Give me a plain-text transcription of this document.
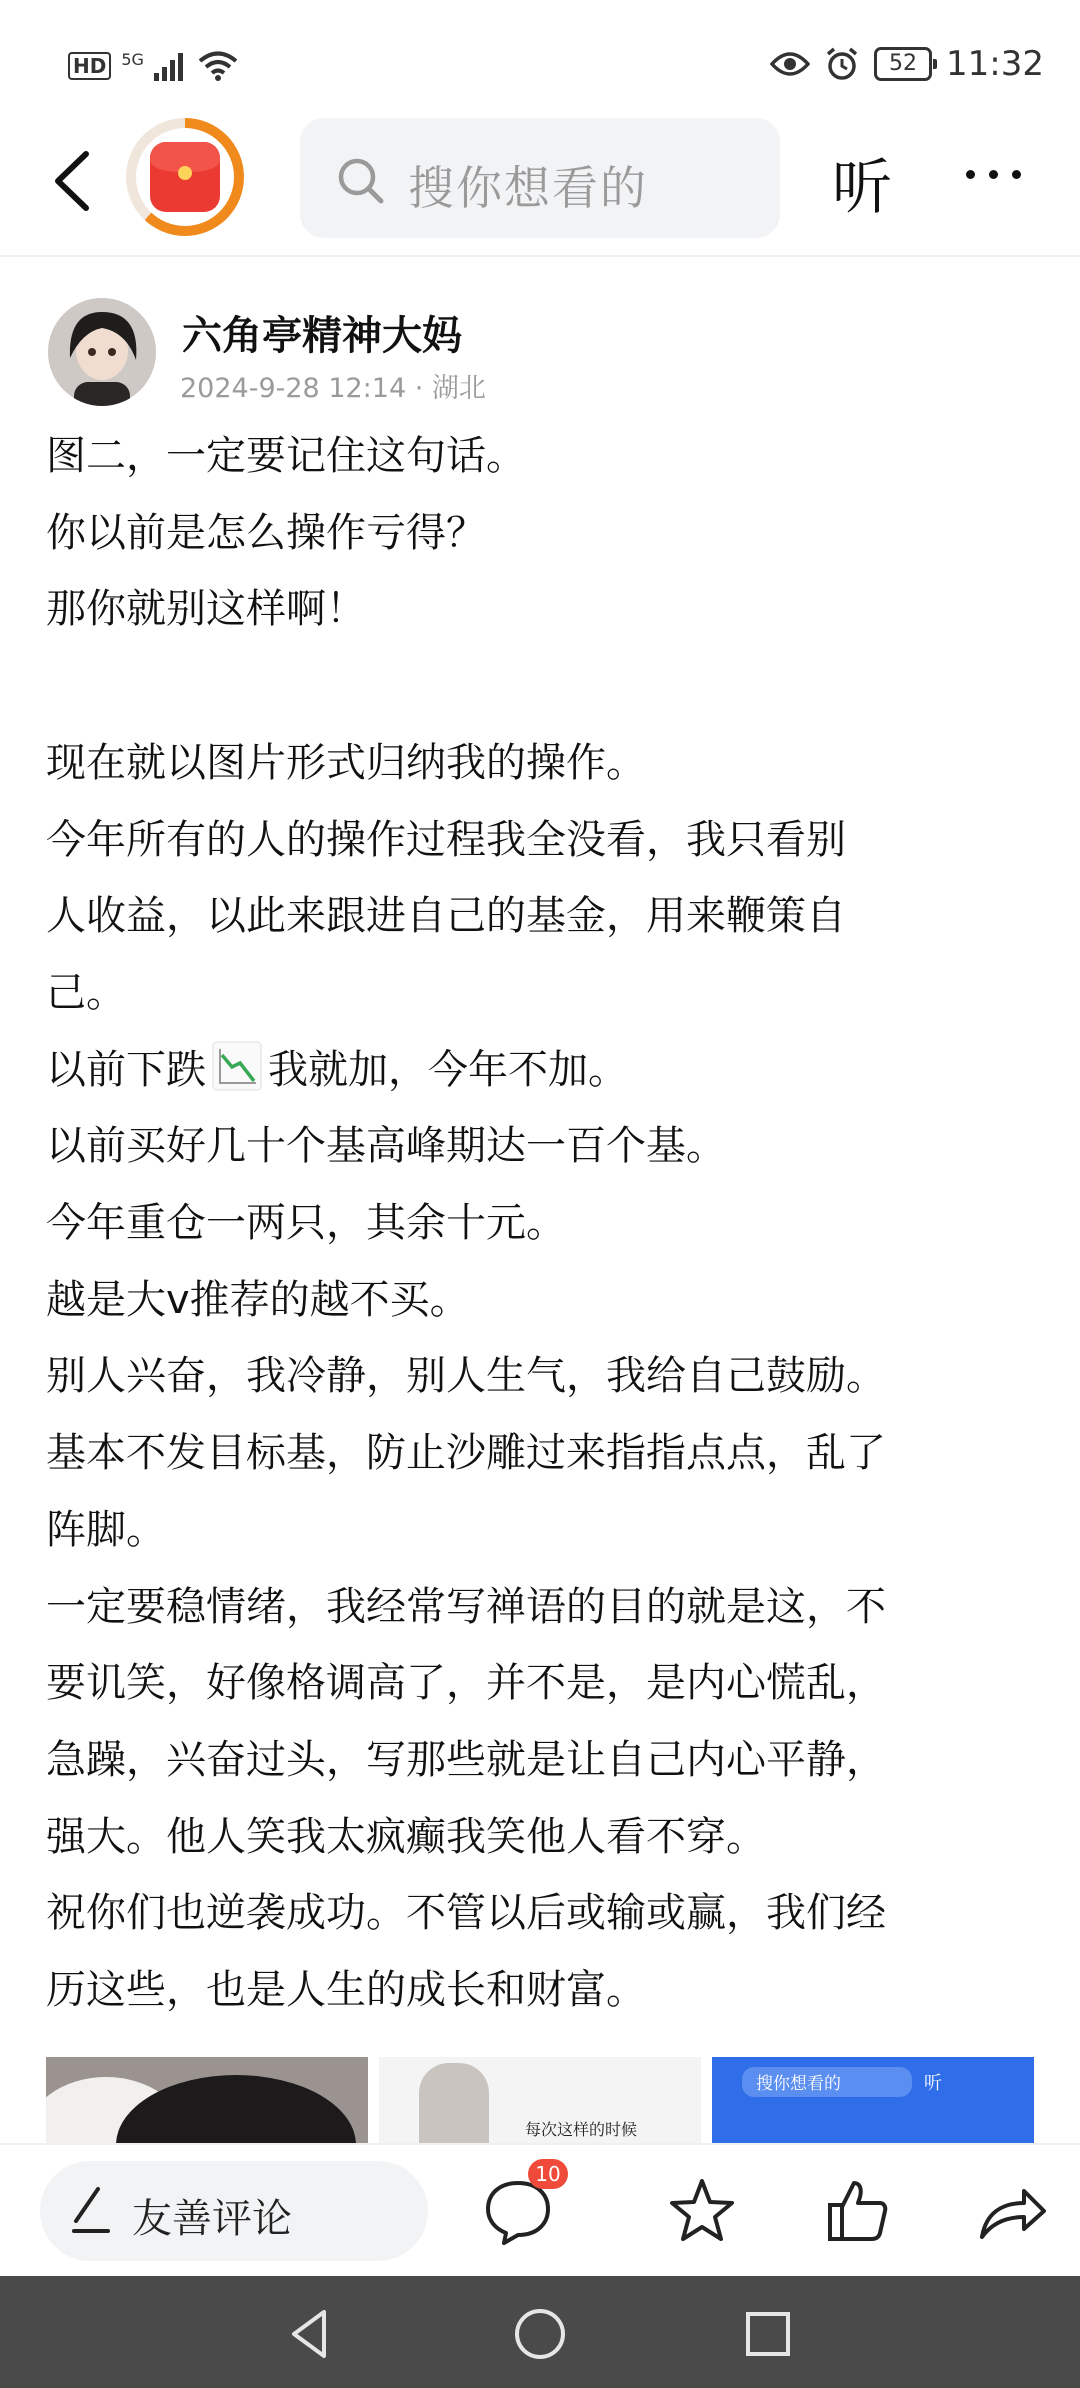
HD 5G	52 11:32
搜你想看的	听
六角亭精神大妈
2024-9-28 12:14 · 湖北
图二，一定要记住这句话。
你以前是怎么操作亏得？
那你就别这样啊！
现在就以图片形式归纳我的操作。
今年所有的人的操作过程我全没看，我只看别
人收益，以此来跟进自己的基金，用来鞭策自
己。
以前下跌 我就加，今年不加。
以前买好几十个基高峰期达一百个基。
今年重仓一两只，其余十元。
越是大v推荐的越不买。
别人兴奋，我冷静，别人生气，我给自己鼓励。
基本不发目标基，防止沙雕过来指指点点，乱了
阵脚。
一定要稳情绪，我经常写禅语的目的就是这，不
要讥笑，好像格调高了，并不是，是内心慌乱，
急躁，兴奋过头，写那些就是让自己内心平静，
强大。他人笑我太疯癫我笑他人看不穿。
祝你们也逆袭成功。不管以后或输或赢，我们经
历这些，也是人生的成长和财富。
每次这样的时候
搜你想看的	听
友善评论
10
